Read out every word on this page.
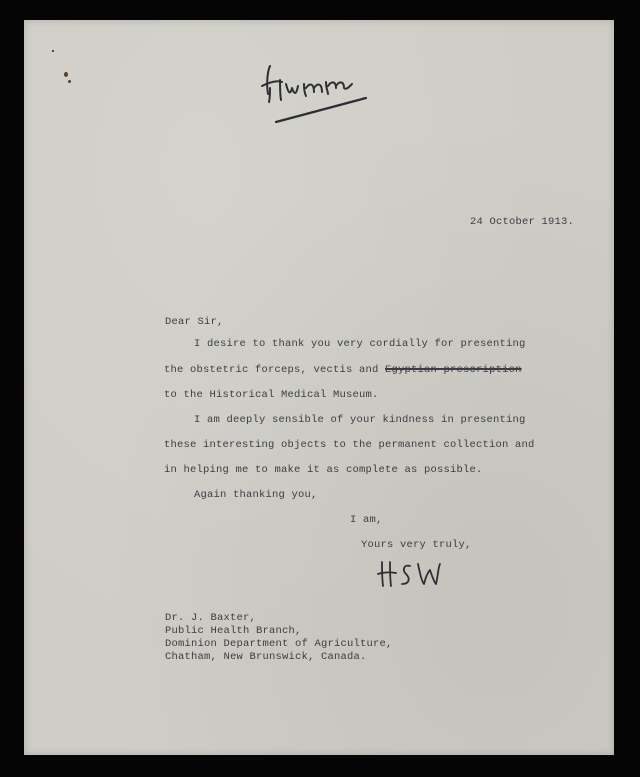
24 October 1913.
Dear Sir,
I desire to thank you very cordially for presenting
the obstetric forceps, vectis and Egyptian prescription
to the Historical Medical Museum.
I am deeply sensible of your kindness in presenting
these interesting objects to the permanent collection and
in helping me to make it as complete as possible.
Again thanking you,
I am,
Yours very truly,
Dr. J. Baxter,
Public Health Branch,
Dominion Department of Agriculture,
Chatham, New Brunswick, Canada.
